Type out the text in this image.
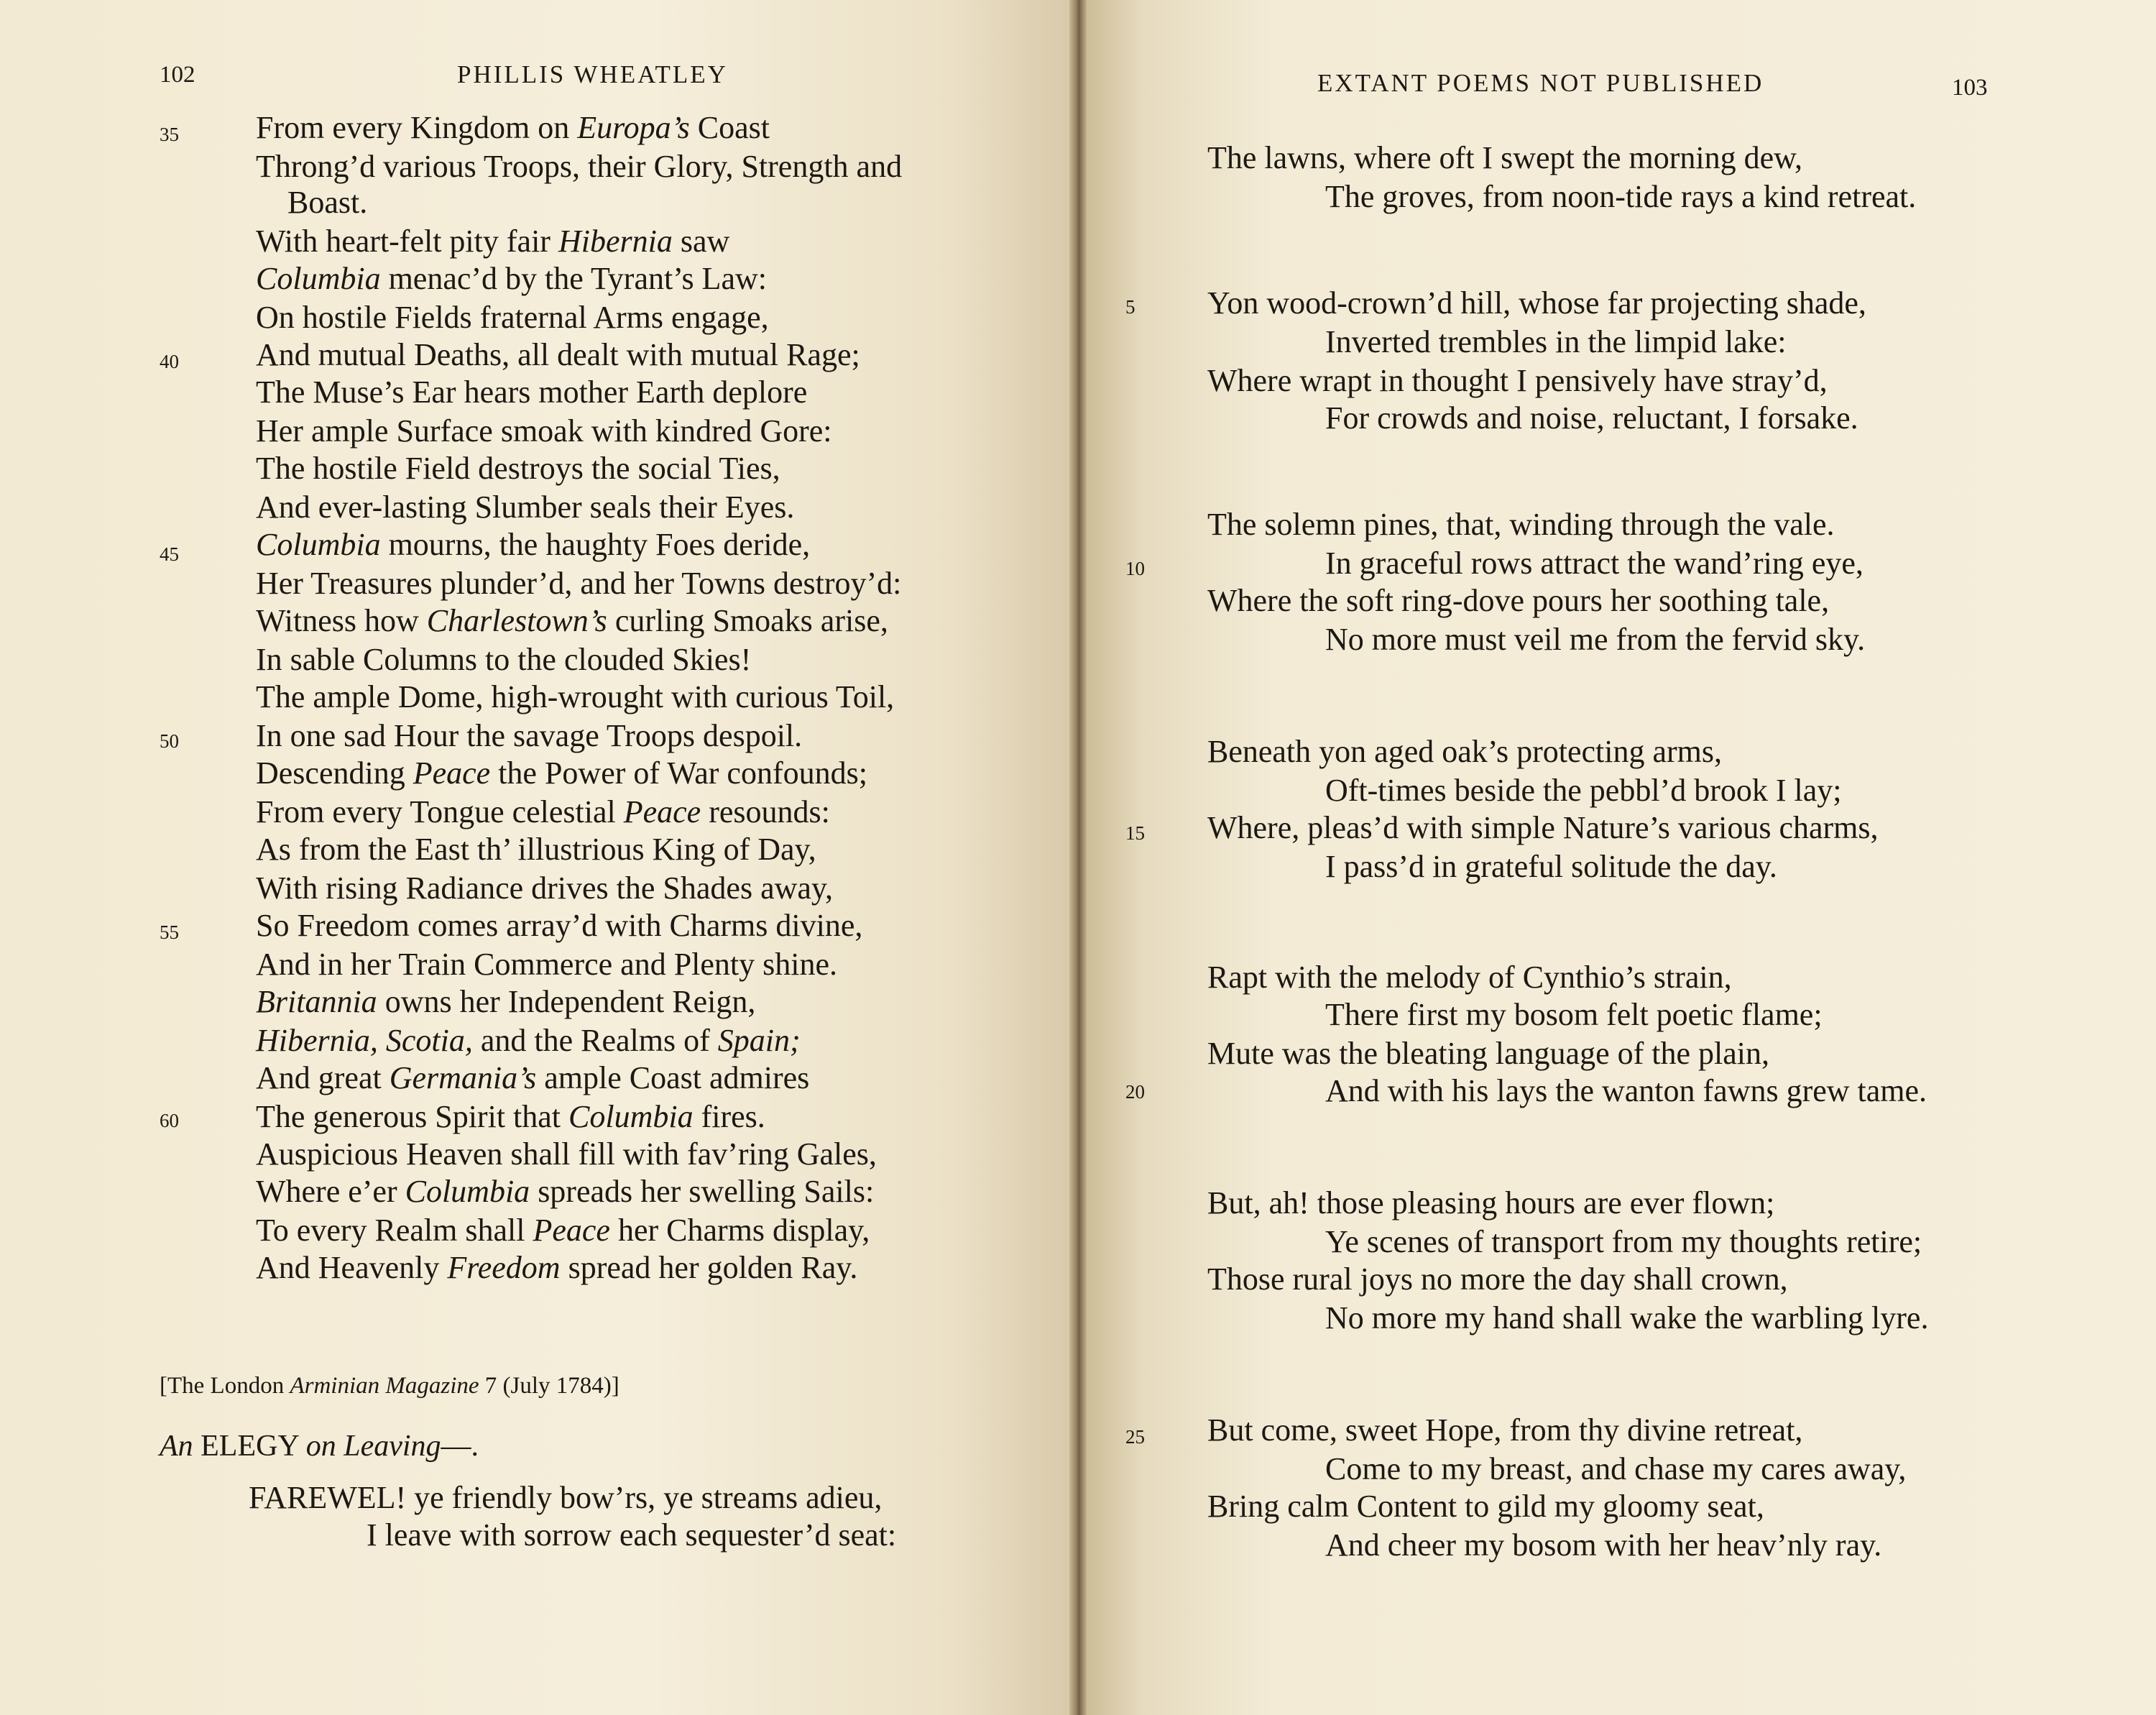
102	PHILLIS WHEATLEY
From every Kingdom on Europa’s Coast
Throng’d various Troops, their Glory, Strength and
Boast.
With heart-felt pity fair Hibernia saw
Columbia menac’d by the Tyrant’s Law:
On hostile Fields fraternal Arms engage,
And mutual Deaths, all dealt with mutual Rage;
The Muse’s Ear hears mother Earth deplore
Her ample Surface smoak with kindred Gore:
The hostile Field destroys the social Ties,
And ever-lasting Slumber seals their Eyes.
Columbia mourns, the haughty Foes deride,
Her Treasures plunder’d, and her Towns destroy’d:
Witness how Charlestown’s curling Smoaks arise,
In sable Columns to the clouded Skies!
The ample Dome, high-wrought with curious Toil,
In one sad Hour the savage Troops despoil.
Descending Peace the Power of War confounds;
From every Tongue celestial Peace resounds:
As from the East th’ illustrious King of Day,
With rising Radiance drives the Shades away,
So Freedom comes array’d with Charms divine,
And in her Train Commerce and Plenty shine.
Britannia owns her Independent Reign,
Hibernia, Scotia, and the Realms of Spain;
And great Germania’s ample Coast admires
The generous Spirit that Columbia fires.
Auspicious Heaven shall fill with fav’ring Gales,
Where e’er Columbia spreads her swelling Sails:
To every Realm shall Peace her Charms display,
And Heavenly Freedom spread her golden Ray.
35
40
45
50
55
60
[The London Arminian Magazine 7 (July 1784)]
An ELEGY on Leaving—.
FAREWEL! ye friendly bow’rs, ye streams adieu,
I leave with sorrow each sequester’d seat:
EXTANT POEMS NOT PUBLISHED	103
The lawns, where oft I swept the morning dew,
The groves, from noon-tide rays a kind retreat.
Yon wood-crown’d hill, whose far projecting shade,
Inverted trembles in the limpid lake:
Where wrapt in thought I pensively have stray’d,
For crowds and noise, reluctant, I forsake.
The solemn pines, that, winding through the vale.
In graceful rows attract the wand’ring eye,
Where the soft ring-dove pours her soothing tale,
No more must veil me from the fervid sky.
Beneath yon aged oak’s protecting arms,
Oft-times beside the pebbl’d brook I lay;
Where, pleas’d with simple Nature’s various charms,
I pass’d in grateful solitude the day.
Rapt with the melody of Cynthio’s strain,
There first my bosom felt poetic flame;
Mute was the bleating language of the plain,
And with his lays the wanton fawns grew tame.
But, ah! those pleasing hours are ever flown;
Ye scenes of transport from my thoughts retire;
Those rural joys no more the day shall crown,
No more my hand shall wake the warbling lyre.
But come, sweet Hope, from thy divine retreat,
Come to my breast, and chase my cares away,
Bring calm Content to gild my gloomy seat,
And cheer my bosom with her heav’nly ray.
5
10
15
20
25
